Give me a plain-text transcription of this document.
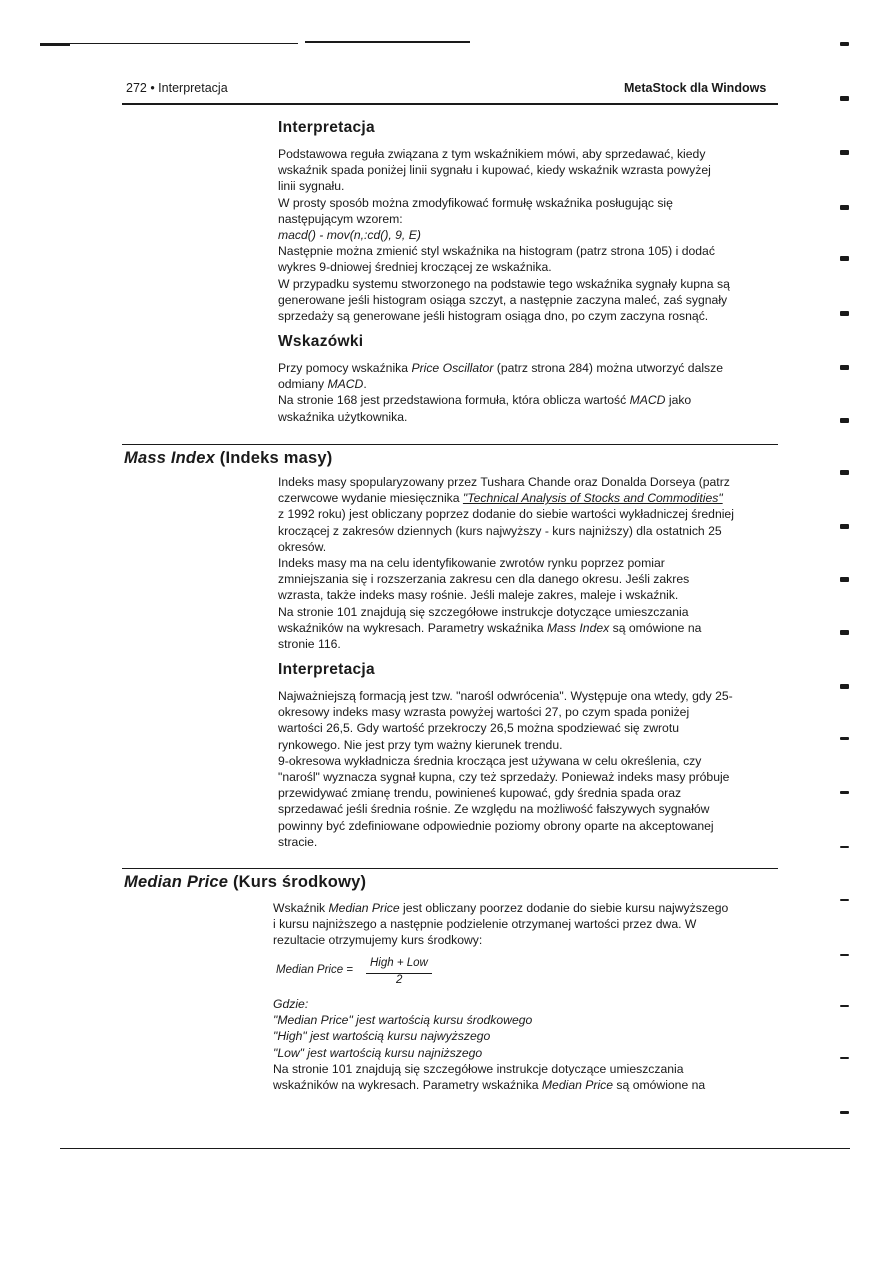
272 • Interpretacja	MetaStock dla Windows
Interpretacja

Podstawowa reguła związana z tym wskaźnikiem mówi, aby sprzedawać, kiedy

wskaźnik spada poniżej linii sygnału i kupować, kiedy wskaźnik wzrasta powyżej

linii sygnału.

W prosty sposób można zmodyfikować formułę wskaźnika posługując się

następującym wzorem:

macd() - mov(n,:cd(), 9, E)

Następnie można zmienić styl wskaźnika na histogram (patrz strona 105) i dodać

wykres 9-dniowej średniej kroczącej ze wskaźnika.

W przypadku systemu stworzonego na podstawie tego wskaźnika sygnały kupna są

generowane jeśli histogram osiąga szczyt, a następnie zaczyna maleć, zaś sygnały

sprzedaży są generowane jeśli histogram osiąga dno, po czym zaczyna rosnąć.

Wskazówki

Przy pomocy wskaźnika Price Oscillator (patrz strona 284) można utworzyć dalsze

odmiany MACD.

Na stronie 168 jest przedstawiona formuła, która oblicza wartość MACD jako

wskaźnika użytkownika.

Mass Index (Indeks masy)

Indeks masy spopularyzowany przez Tushara Chande oraz Donalda Dorseya (patrz

czerwcowe wydanie miesięcznika "Technical Analysis of Stocks and Commodities"

z 1992 roku) jest obliczany poprzez dodanie do siebie wartości wykładniczej średniej

kroczącej z zakresów dziennych (kurs najwyższy - kurs najniższy) dla ostatnich 25

okresów.

Indeks masy ma na celu identyfikowanie zwrotów rynku poprzez pomiar

zmniejszania się i rozszerzania zakresu cen dla danego okresu. Jeśli zakres

wzrasta, także indeks masy rośnie. Jeśli maleje zakres, maleje i wskaźnik.

Na stronie 101 znajdują się szczegółowe instrukcje dotyczące umieszczania

wskaźników na wykresach. Parametry wskaźnika Mass Index są omówione na

stronie 116.

Interpretacja

Najważniejszą formacją jest tzw. "narośl odwrócenia". Występuje ona wtedy, gdy 25-

okresowy indeks masy wzrasta powyżej wartości 27, po czym spada poniżej

wartości 26,5. Gdy wartość przekroczy 26,5 można spodziewać się zwrotu

rynkowego. Nie jest przy tym ważny kierunek trendu.

9-okresowa wykładnicza średnia krocząca jest używana w celu określenia, czy

"narośl" wyznacza sygnał kupna, czy też sprzedaży. Ponieważ indeks masy próbuje

przewidywać zmianę trendu, powinieneś kupować, gdy średnia spada oraz

sprzedawać jeśli średnia rośnie. Ze względu na możliwość fałszywych sygnałów

powinny być zdefiniowane odpowiednie poziomy obrony oparte na akceptowanej

stracie.

Median Price (Kurs środkowy)

Wskaźnik Median Price jest obliczany poorzez dodanie do siebie kursu najwyższego

i kursu najniższego a następnie podzielenie otrzymanej wartości przez dwa. W

rezultacie otrzymujemy kurs środkowy:

Median Price =
High + Low
2

Gdzie:

"Median Price" jest wartością kursu środkowego

"High" jest wartością kursu najwyższego

"Low" jest wartością kursu najniższego

Na stronie 101 znajdują się szczegółowe instrukcje dotyczące umieszczania

wskaźników na wykresach. Parametry wskaźnika Median Price są omówione na
